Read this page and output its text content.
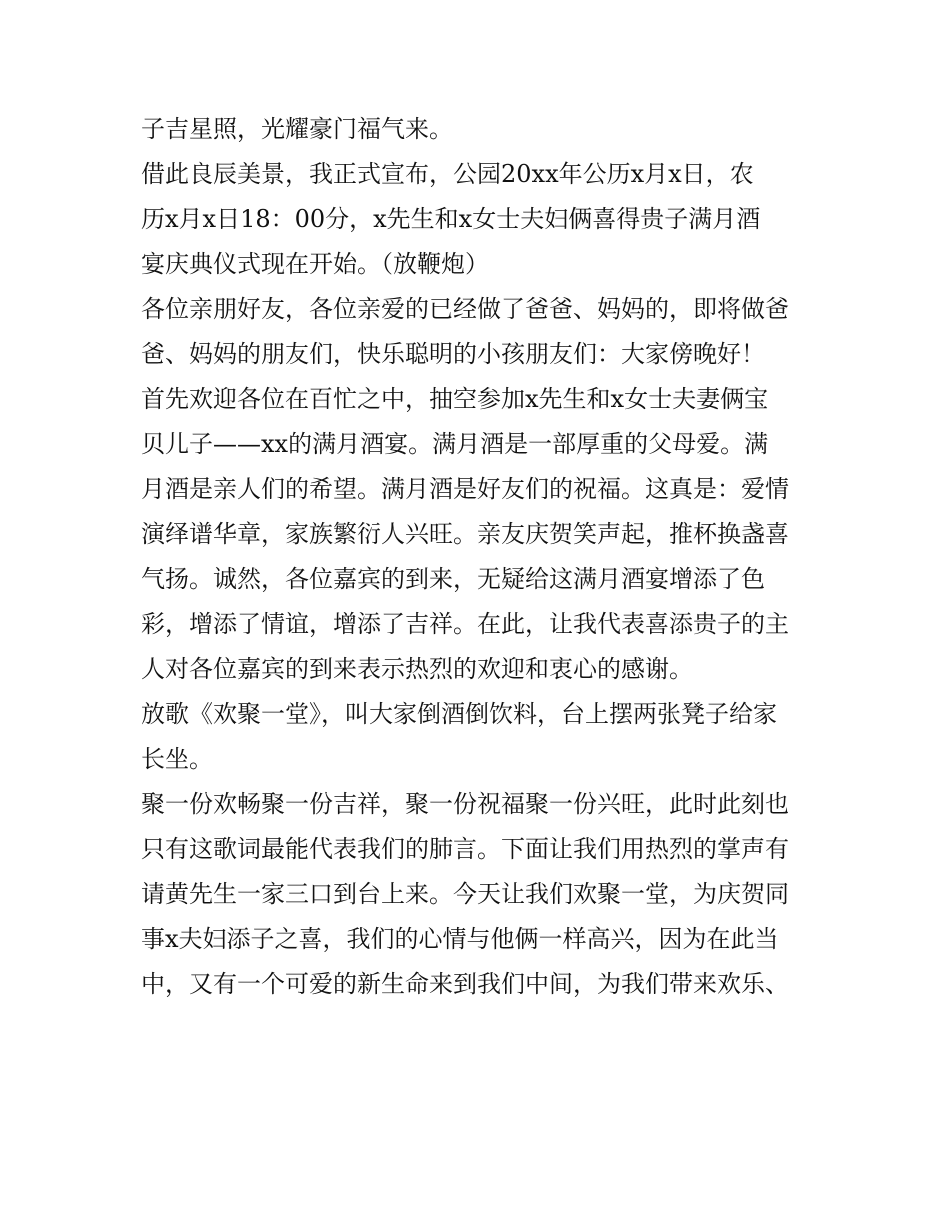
子吉星照，光耀豪门福气来。
借此良辰美景，我正式宣布，公园20xx年公历x月x日，农
历x月x日18：00分，x先生和x女士夫妇俩喜得贵子满月酒
宴庆典仪式现在开始。（放鞭炮）
各位亲朋好友，各位亲爱的已经做了爸爸、妈妈的，即将做爸
爸、妈妈的朋友们，快乐聪明的小孩朋友们：大家傍晚好！
首先欢迎各位在百忙之中，抽空参加x先生和x女士夫妻俩宝
贝儿子——xx的满月酒宴。满月酒是一部厚重的父母爱。满
月酒是亲人们的希望。满月酒是好友们的祝福。这真是：爱情
演绎谱华章，家族繁衍人兴旺。亲友庆贺笑声起，推杯换盏喜
气扬。诚然，各位嘉宾的到来，无疑给这满月酒宴增添了色
彩，增添了情谊，增添了吉祥。在此，让我代表喜添贵子的主
人对各位嘉宾的到来表示热烈的欢迎和衷心的感谢。
放歌《欢聚一堂》，叫大家倒酒倒饮料，台上摆两张凳子给家
长坐。
聚一份欢畅聚一份吉祥，聚一份祝福聚一份兴旺，此时此刻也
只有这歌词最能代表我们的肺言。下面让我们用热烈的掌声有
请黄先生一家三口到台上来。今天让我们欢聚一堂，为庆贺同
事x夫妇添子之喜，我们的心情与他俩一样高兴，因为在此当
中，又有一个可爱的新生命来到我们中间，为我们带来欢乐、
